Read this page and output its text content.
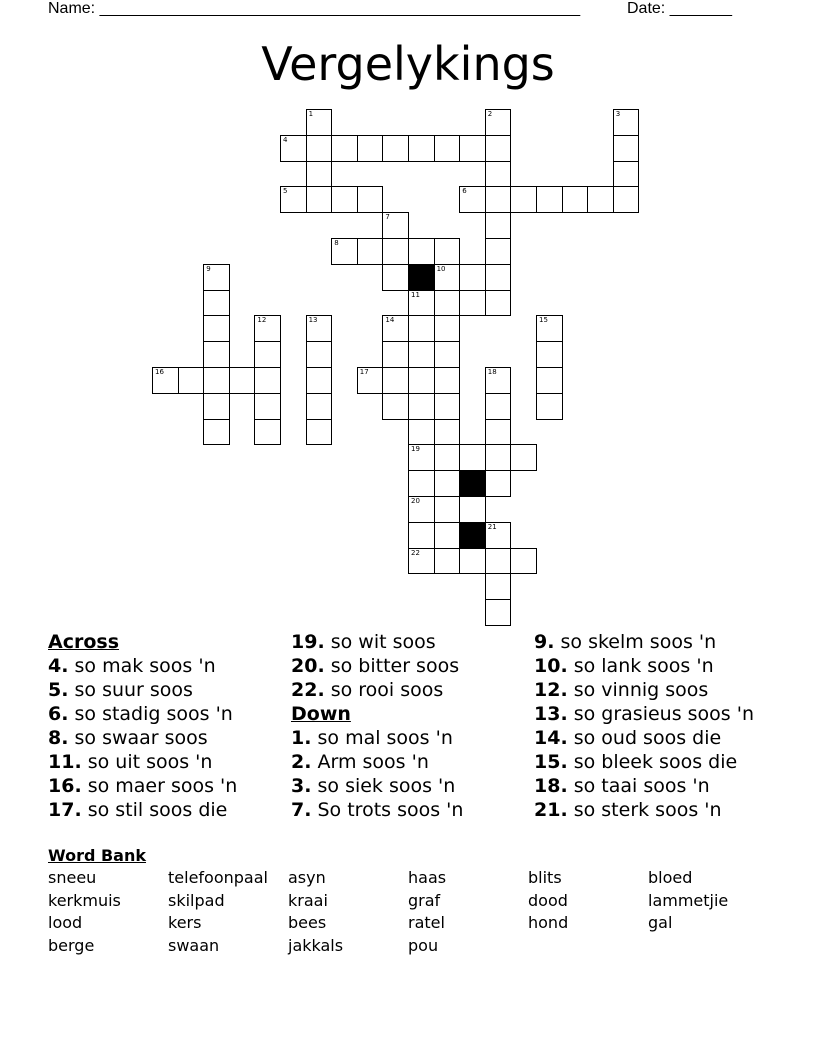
Name: ______________________________________________________	Date: _______
Vergelykings
1	2	3
4
5	6
7
8
9	10
11
12	13	14	15
16	17	18
19
20
21
22
Across
4. so mak soos 'n
5. so suur soos
6. so stadig soos 'n
8. so swaar soos
11. so uit soos 'n
16. so maer soos 'n
17. so stil soos die
19. so wit soos
20. so bitter soos
22. so rooi soos
Down
1. so mal soos 'n
2. Arm soos 'n
3. so siek soos 'n
7. So trots soos 'n
9. so skelm soos 'n
10. so lank soos 'n
12. so vinnig soos
13. so grasieus soos 'n
14. so oud soos die
15. so bleek soos die
18. so taai soos 'n
21. so sterk soos 'n
Word Bank
sneeu	telefoonpaal asyn	haas	blits	bloed
kerkmuis	skilpad	kraai	graf	dood	lammetjie
lood	kers	bees	ratel	hond	gal
berge	swaan	jakkals	pou
